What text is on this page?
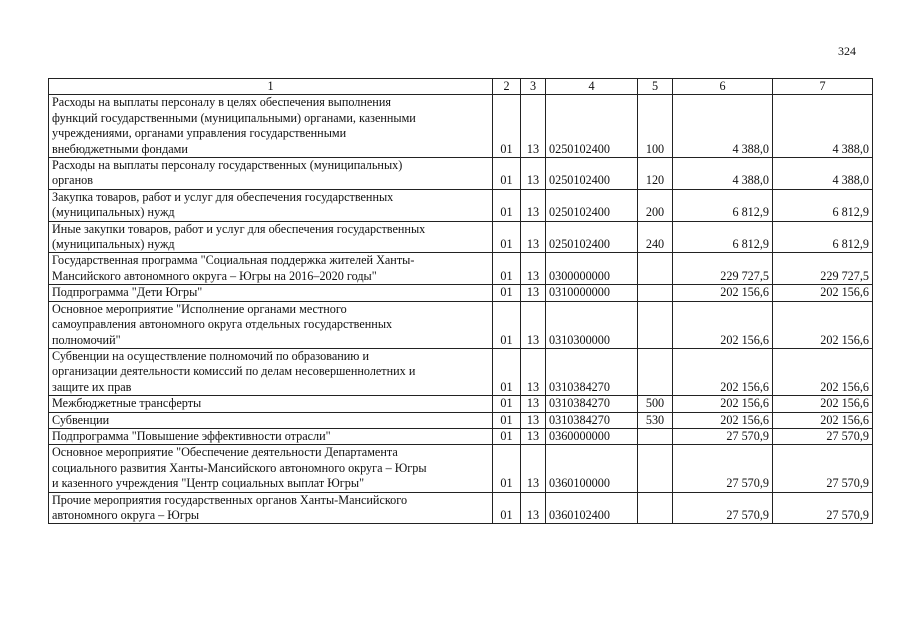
324
1	2	3	4	5	6	7
Расходы на выплаты персоналу в целях обеспечения выполнения
функций государственными (муниципальными) органами, казенными
учреждениями, органами управления государственными
внебюджетными фондами	01	13	0250102400	100	4 388,0	4 388,0
Расходы на выплаты персоналу государственных (муниципальных)
органов	01	13	0250102400	120	4 388,0	4 388,0
Закупка товаров, работ и услуг для обеспечения государственных
(муниципальных) нужд	01	13	0250102400	200	6 812,9	6 812,9
Иные закупки товаров, работ и услуг для обеспечения государственных
(муниципальных) нужд	01	13	0250102400	240	6 812,9	6 812,9
Государственная программа "Социальная поддержка жителей Ханты-
Мансийского автономного округа – Югры на 2016–2020 годы"	01	13	0300000000		229 727,5	229 727,5
Подпрограмма "Дети Югры"	01	13	0310000000		202 156,6	202 156,6
Основное мероприятие "Исполнение органами местного
самоуправления автономного округа отдельных государственных
полномочий"	01	13	0310300000		202 156,6	202 156,6
Субвенции на осуществление полномочий по образованию и
организации деятельности комиссий по делам несовершеннолетних и
защите их прав	01	13	0310384270		202 156,6	202 156,6
Межбюджетные трансферты	01	13	0310384270	500	202 156,6	202 156,6
Субвенции	01	13	0310384270	530	202 156,6	202 156,6
Подпрограмма "Повышение эффективности отрасли"	01	13	0360000000		27 570,9	27 570,9
Основное мероприятие "Обеспечение деятельности Департамента
социального развития Ханты-Мансийского автономного округа – Югры
и казенного учреждения "Центр социальных выплат Югры"	01	13	0360100000		27 570,9	27 570,9
Прочие мероприятия государственных органов Ханты-Мансийского
автономного округа – Югры	01	13	0360102400		27 570,9	27 570,9
